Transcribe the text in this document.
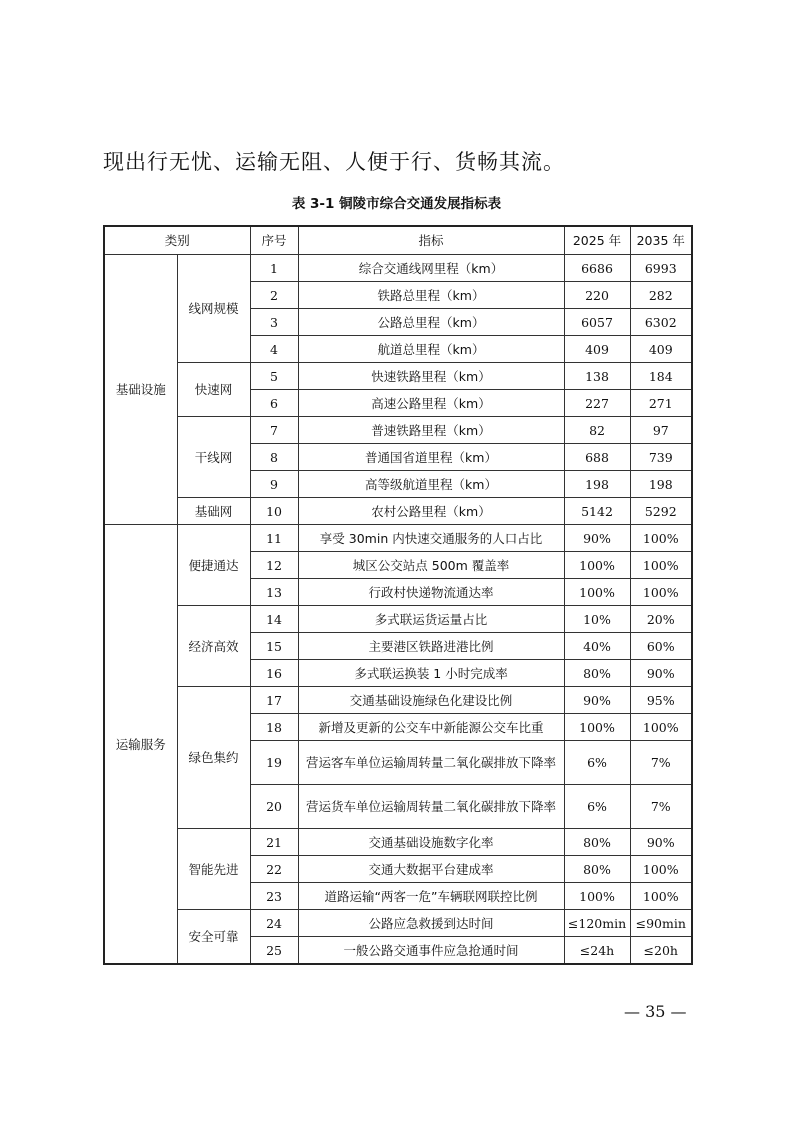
现出行无忧、运输无阻、人便于行、货畅其流。
表 3-1 铜陵市综合交通发展指标表
类别		序号	指标	2025 年	2035 年
基础设施	线网规模	1	综合交通线网里程（km）	6686	6993
		2	铁路总里程（km）	220	282
		3	公路总里程（km）	6057	6302
		4	航道总里程（km）	409	409
	快速网	5	快速铁路里程（km）	138	184
		6	高速公路里程（km）	227	271
	干线网	7	普速铁路里程（km）	82	97
		8	普通国省道里程（km）	688	739
		9	高等级航道里程（km）	198	198
	基础网	10	农村公路里程（km）	5142	5292
运输服务	便捷通达	11	享受 30min 内快速交通服务的人口占比	90%	100%
		12	城区公交站点 500m 覆盖率	100%	100%
		13	行政村快递物流通达率	100%	100%
	经济高效	14	多式联运货运量占比	10%	20%
		15	主要港区铁路进港比例	40%	60%
		16	多式联运换装 1 小时完成率	80%	90%
	绿色集约	17	交通基础设施绿色化建设比例	90%	95%
		18	新增及更新的公交车中新能源公交车比重	100%	100%
		19	营运客车单位运输周转量二氧化碳排放下降率	6%	7%
		20	营运货车单位运输周转量二氧化碳排放下降率	6%	7%
	智能先进	21	交通基础设施数字化率	80%	90%
		22	交通大数据平台建成率	80%	100%
		23	道路运输“两客一危”车辆联网联控比例	100%	100%
	安全可靠	24	公路应急救援到达时间	≤120min	≤90min
		25	一般公路交通事件应急抢通时间	≤24h	≤20h
— 35 —
